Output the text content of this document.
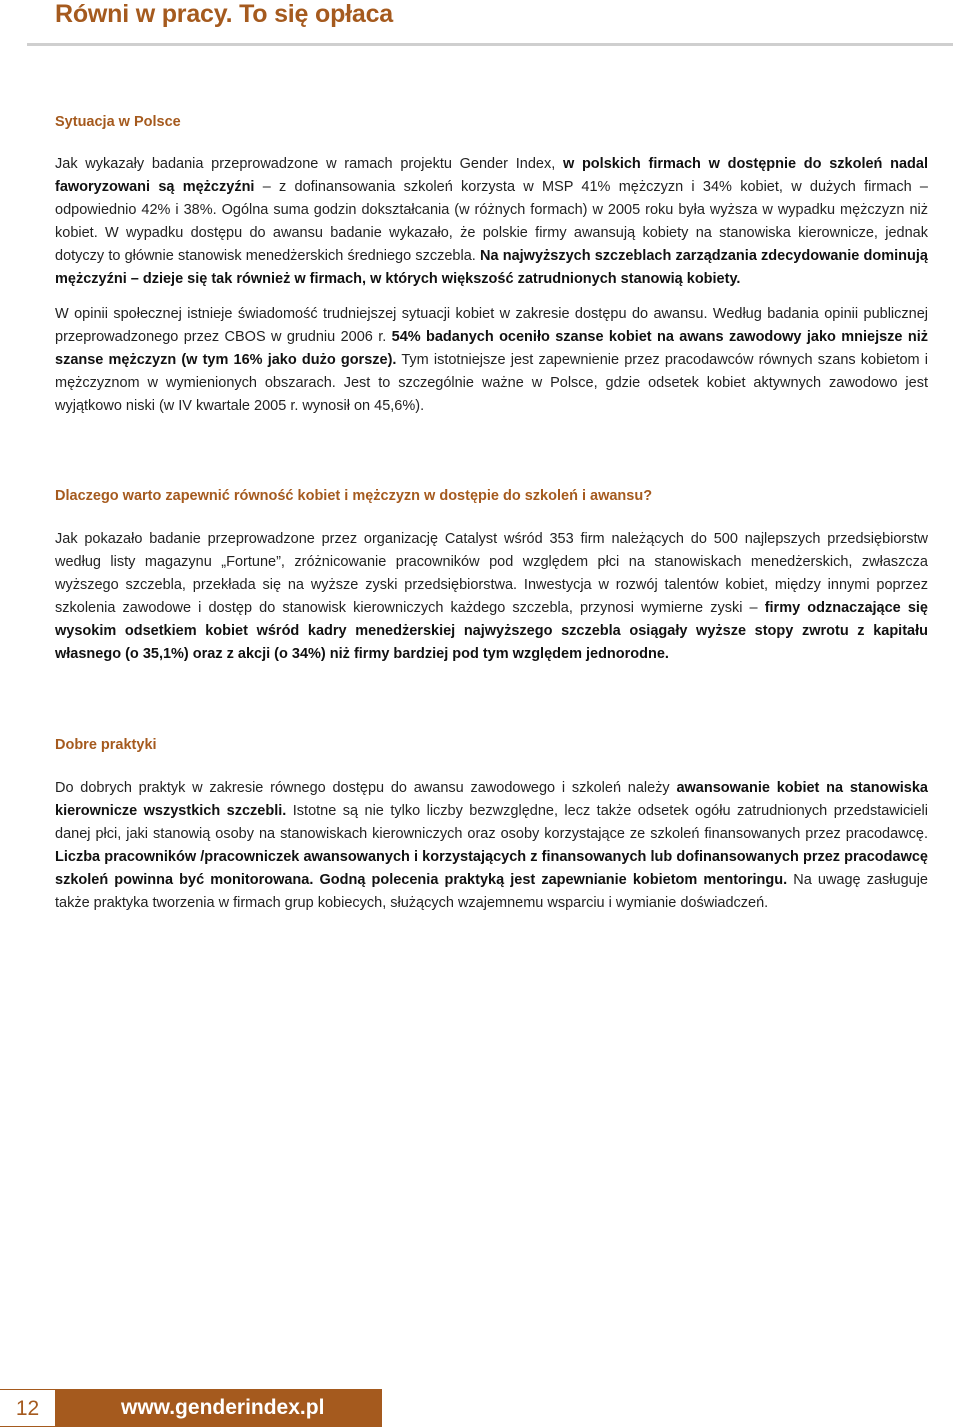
Równi w pracy. To się opłaca
Sytuacja w Polsce

Jak wykazały badania przeprowadzone w ramach projektu Gender Index, w polskich firmach w dostępnie do szkoleń nadal faworyzowani są mężczyźni – z dofinansowania szkoleń korzysta w MSP 41% mężczyzn i 34% kobiet, w dużych firmach – odpowiednio 42% i 38%. Ogólna suma godzin dokształcania (w różnych formach) w 2005 roku była wyższa w wypadku mężczyzn niż kobiet. W wypadku dostępu do awansu badanie wykazało, że polskie firmy awansują kobiety na stanowiska kierownicze, jednak dotyczy to głównie stanowisk menedżerskich średniego szczebla. Na najwyższych szczeblach zarządzania zdecydowanie dominują mężczyźni – dzieje się tak również w firmach, w których większość zatrudnionych stanowią kobiety.

W opinii społecznej istnieje świadomość trudniejszej sytuacji kobiet w zakresie dostępu do awansu. Według badania opinii publicznej przeprowadzonego przez CBOS w grudniu 2006 r. 54% badanych oceniło szanse kobiet na awans zawodowy jako mniejsze niż szanse mężczyzn (w tym 16% jako dużo gorsze). Tym istotniejsze jest zapewnienie przez pracodawców równych szans kobietom i mężczyznom w wymienionych obszarach. Jest to szczególnie ważne w Polsce, gdzie odsetek kobiet aktywnych zawodowo jest wyjątkowo niski (w IV kwartale 2005 r. wynosił on 45,6%).

Dlaczego warto zapewnić równość kobiet i mężczyzn w dostępie do szkoleń i awansu?

Jak pokazało badanie przeprowadzone przez organizację Catalyst wśród 353 firm należących do 500 najlepszych przedsiębiorstw według listy magazynu „Fortune”, zróżnicowanie pracowników pod względem płci na stanowiskach menedżerskich, zwłaszcza wyższego szczebla, przekłada się na wyższe zyski przedsiębiorstwa. Inwestycja w rozwój talentów kobiet, między innymi poprzez szkolenia zawodowe i dostęp do stanowisk kierowniczych każdego szczebla, przynosi wymierne zyski – firmy odznaczające się wysokim odsetkiem kobiet wśród kadry menedżerskiej najwyższego szczebla osiągały wyższe stopy zwrotu z kapitału własnego (o 35,1%) oraz z akcji (o 34%) niż firmy bardziej pod tym względem jednorodne.

Dobre praktyki

Do dobrych praktyk w zakresie równego dostępu do awansu zawodowego i szkoleń należy awansowanie kobiet na stanowiska kierownicze wszystkich szczebli. Istotne są nie tylko liczby bezwzględne, lecz także odsetek ogółu zatrudnionych przedstawicieli danej płci, jaki stanowią osoby na stanowiskach kierowniczych oraz osoby korzystające ze szkoleń finansowanych przez pracodawcę. Liczba pracowników /pracowniczek awansowanych i korzystających z finansowanych lub dofinansowanych przez pracodawcę szkoleń powinna być monitorowana. Godną polecenia praktyką jest zapewnianie kobietom mentoringu. Na uwagę zasługuje także praktyka tworzenia w firmach grup kobiecych, służących wzajemnemu wsparciu i wymianie doświadczeń.

12	www.genderindex.pl
